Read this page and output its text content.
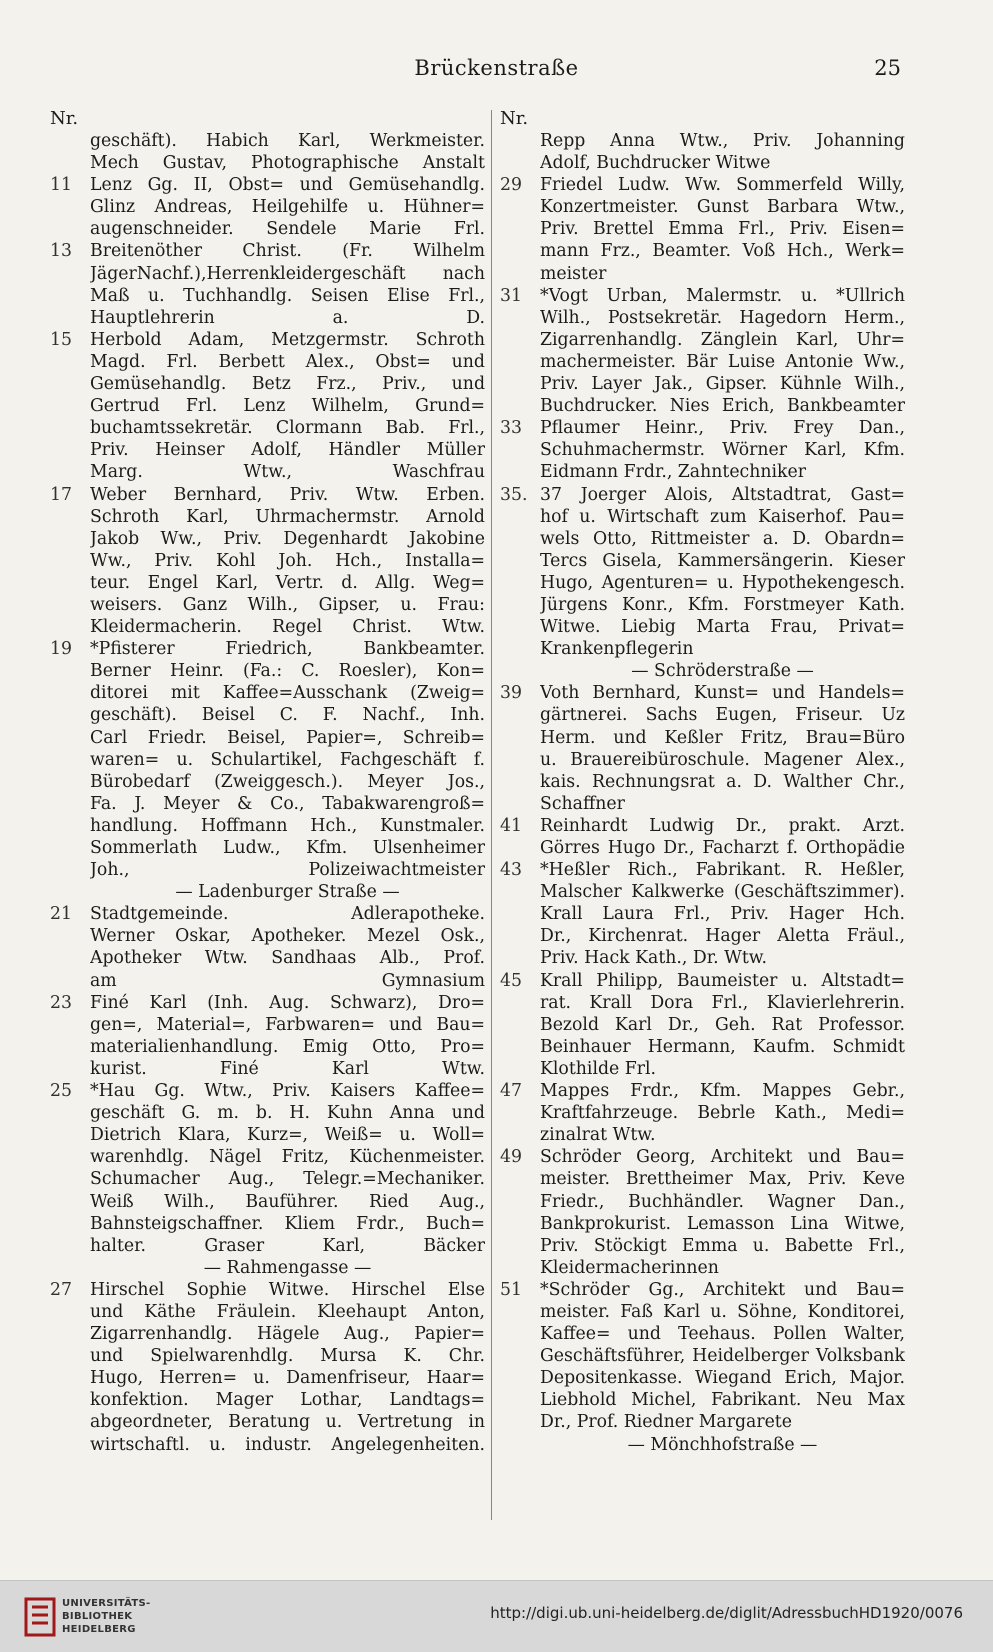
Brückenstraße	25
Nr.
geschäft). Habich Karl, Werkmeister.
Mech Gustav, Photographische Anstalt
11	Lenz Gg. II, Obst= und Gemüsehandlg.
Glinz Andreas, Heilgehilfe u. Hühner=
augenschneider. Sendele Marie Frl.
13	Breitenöther Christ. (Fr. Wilhelm
JägerNachf.),Herrenkleidergeschäft nach
Maß u. Tuchhandlg. Seisen Elise Frl.,
Hauptlehrerin a. D.
15	Herbold Adam, Metzgermstr. Schroth
Magd. Frl. Berbett Alex., Obst= und
Gemüsehandlg. Betz Frz., Priv., und
Gertrud Frl. Lenz Wilhelm, Grund=
buchamtssekretär. Clormann Bab. Frl.,
Priv. Heinser Adolf, Händler Müller
Marg. Wtw., Waschfrau
17	Weber Bernhard, Priv. Wtw. Erben.
Schroth Karl, Uhrmachermstr. Arnold
Jakob Ww., Priv. Degenhardt Jakobine
Ww., Priv. Kohl Joh. Hch., Installa=
teur. Engel Karl, Vertr. d. Allg. Weg=
weisers. Ganz Wilh., Gipser, u. Frau:
Kleidermacherin. Regel Christ. Wtw.
19	*Pfisterer Friedrich, Bankbeamter.
Berner Heinr. (Fa.: C. Roesler), Kon=
ditorei mit Kaffee=Ausschank (Zweig=
geschäft). Beisel C. F. Nachf., Inh.
Carl Friedr. Beisel, Papier=, Schreib=
waren= u. Schulartikel, Fachgeschäft f.
Bürobedarf (Zweiggesch.). Meyer Jos.,
Fa. J. Meyer & Co., Tabakwarengroß=
handlung. Hoffmann Hch., Kunstmaler.
Sommerlath Ludw., Kfm. Ulsenheimer
Joh., Polizeiwachtmeister
— Ladenburger Straße —
21	Stadtgemeinde. Adlerapotheke.
Werner Oskar, Apotheker. Mezel Osk.,
Apotheker Wtw. Sandhaas Alb., Prof.
am Gymnasium
23	Finé Karl (Inh. Aug. Schwarz), Dro=
gen=, Material=, Farbwaren= und Bau=
materialienhandlung. Emig Otto, Pro=
kurist. Finé Karl Wtw.
25	*Hau Gg. Wtw., Priv. Kaisers Kaffee=
geschäft G. m. b. H. Kuhn Anna und
Dietrich Klara, Kurz=, Weiß= u. Woll=
warenhdlg. Nägel Fritz, Küchenmeister.
Schumacher Aug., Telegr.=Mechaniker.
Weiß Wilh., Bauführer. Ried Aug.,
Bahnsteigschaffner. Kliem Frdr., Buch=
halter. Graser Karl, Bäcker
— Rahmengasse —
27	Hirschel Sophie Witwe. Hirschel Else
und Käthe Fräulein. Kleehaupt Anton,
Zigarrenhandlg. Hägele Aug., Papier=
und Spielwarenhdlg. Mursa K. Chr.
Hugo, Herren= u. Damenfriseur, Haar=
konfektion. Mager Lothar, Landtags=
abgeordneter, Beratung u. Vertretung in
wirtschaftl. u. industr. Angelegenheiten.
Nr.
Repp Anna Wtw., Priv. Johanning
Adolf, Buchdrucker Witwe
29	Friedel Ludw. Ww. Sommerfeld Willy,
Konzertmeister. Gunst Barbara Wtw.,
Priv. Brettel Emma Frl., Priv. Eisen=
mann Frz., Beamter. Voß Hch., Werk=
meister
31	*Vogt Urban, Malermstr. u. *Ullrich
Wilh., Postsekretär. Hagedorn Herm.,
Zigarrenhandlg. Zänglein Karl, Uhr=
machermeister. Bär Luise Antonie Ww.,
Priv. Layer Jak., Gipser. Kühnle Wilh.,
Buchdrucker. Nies Erich, Bankbeamter
33	Pflaumer Heinr., Priv. Frey Dan.,
Schuhmachermstr. Wörner Karl, Kfm.
Eidmann Frdr., Zahntechniker
35. 37 Joerger Alois, Altstadtrat, Gast=
hof u. Wirtschaft zum Kaiserhof. Pau=
wels Otto, Rittmeister a. D. Obardn=
Tercs Gisela, Kammersängerin. Kieser
Hugo, Agenturen= u. Hypothekengesch.
Jürgens Konr., Kfm. Forstmeyer Kath.
Witwe. Liebig Marta Frau, Privat=
Krankenpflegerin
— Schröderstraße —
39	Voth Bernhard, Kunst= und Handels=
gärtnerei. Sachs Eugen, Friseur. Uz
Herm. und Keßler Fritz, Brau=Büro
u. Brauereibüroschule. Magener Alex.,
kais. Rechnungsrat a. D. Walther Chr.,
Schaffner
41	Reinhardt Ludwig Dr., prakt. Arzt.
Görres Hugo Dr., Facharzt f. Orthopädie
43	*Heßler Rich., Fabrikant. R. Heßler,
Malscher Kalkwerke (Geschäftszimmer).
Krall Laura Frl., Priv. Hager Hch.
Dr., Kirchenrat. Hager Aletta Fräul.,
Priv. Hack Kath., Dr. Wtw.
45	Krall Philipp, Baumeister u. Altstadt=
rat. Krall Dora Frl., Klavierlehrerin.
Bezold Karl Dr., Geh. Rat Professor.
Beinhauer Hermann, Kaufm. Schmidt
Klothilde Frl.
47	Mappes Frdr., Kfm. Mappes Gebr.,
Kraftfahrzeuge. Bebrle Kath., Medi=
zinalrat Wtw.
49	Schröder Georg, Architekt und Bau=
meister. Brettheimer Max, Priv. Keve
Friedr., Buchhändler. Wagner Dan.,
Bankprokurist. Lemasson Lina Witwe,
Priv. Stöckigt Emma u. Babette Frl.,
Kleidermacherinnen
51	*Schröder Gg., Architekt und Bau=
meister. Faß Karl u. Söhne, Konditorei,
Kaffee= und Teehaus. Pollen Walter,
Geschäftsführer, Heidelberger Volksbank
Depositenkasse. Wiegand Erich, Major.
Liebhold Michel, Fabrikant. Neu Max
Dr., Prof. Riedner Margarete
— Mönchhofstraße —
UNIVERSITÄTS-
BIBLIOTHEK
HEIDELBERG
http://digi.ub.uni-heidelberg.de/diglit/AdressbuchHD1920/0076
